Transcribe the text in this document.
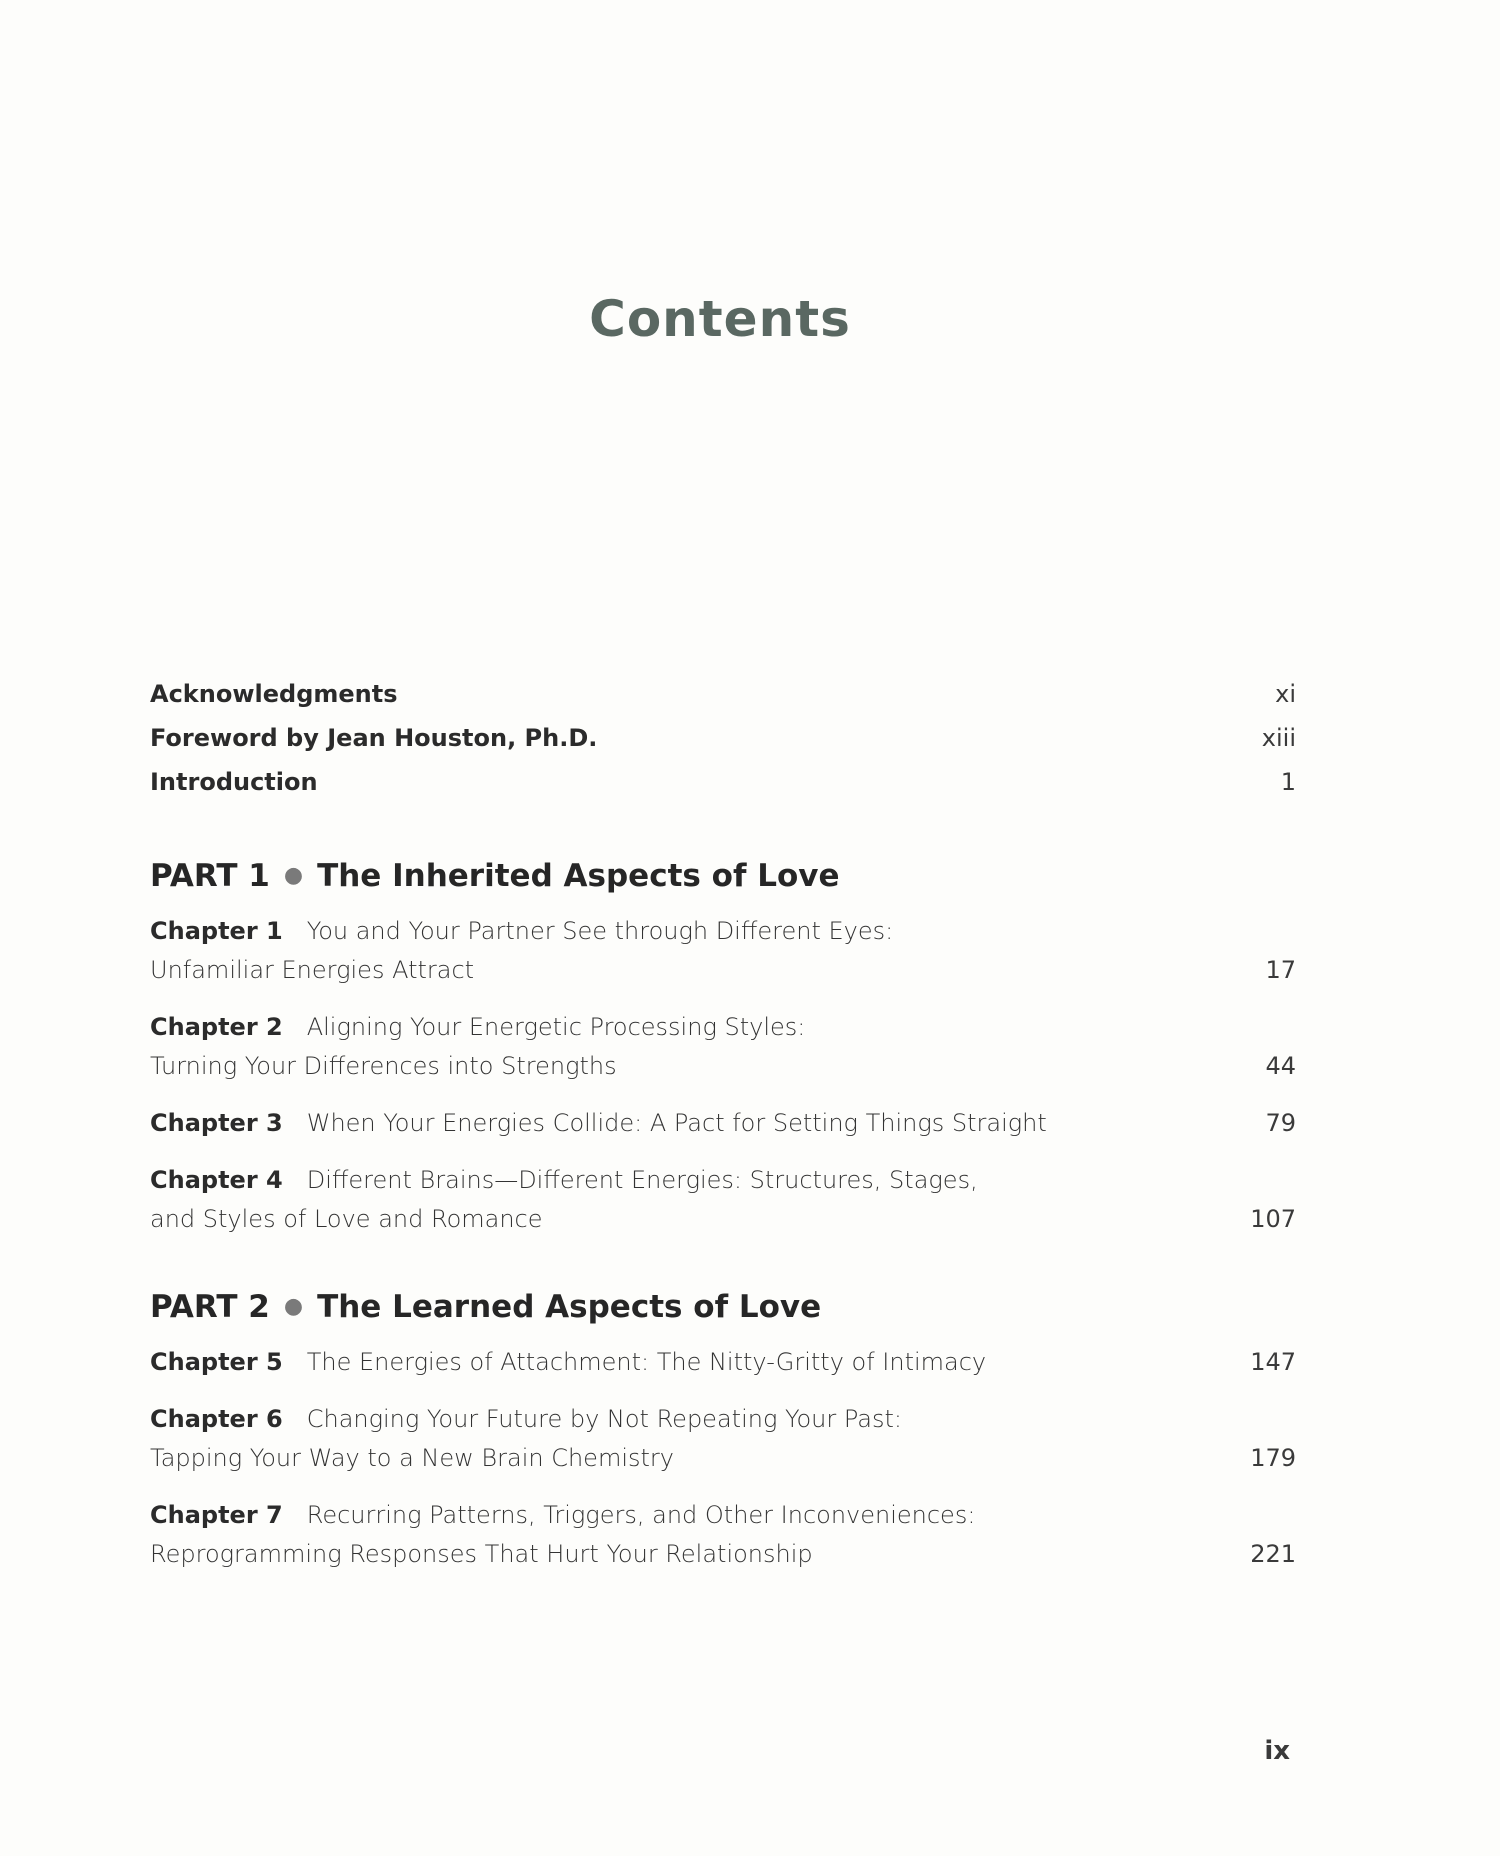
Contents
Acknowledgments	xi
Foreword by Jean Houston, Ph.D.	xiii
Introduction	1
PART 1 ● The Inherited Aspects of Love
Chapter 1 You and Your Partner See through Different Eyes:
Unfamiliar Energies Attract	17
Chapter 2 Aligning Your Energetic Processing Styles:
Turning Your Differences into Strengths	44
Chapter 3 When Your Energies Collide: A Pact for Setting Things Straight	79
Chapter 4 Different Brains—Different Energies: Structures, Stages,
and Styles of Love and Romance	107
PART 2 ● The Learned Aspects of Love
Chapter 5 The Energies of Attachment: The Nitty-Gritty of Intimacy	147
Chapter 6 Changing Your Future by Not Repeating Your Past:
Tapping Your Way to a New Brain Chemistry	179
Chapter 7 Recurring Patterns, Triggers, and Other Inconveniences:
Reprogramming Responses That Hurt Your Relationship	221
ix
